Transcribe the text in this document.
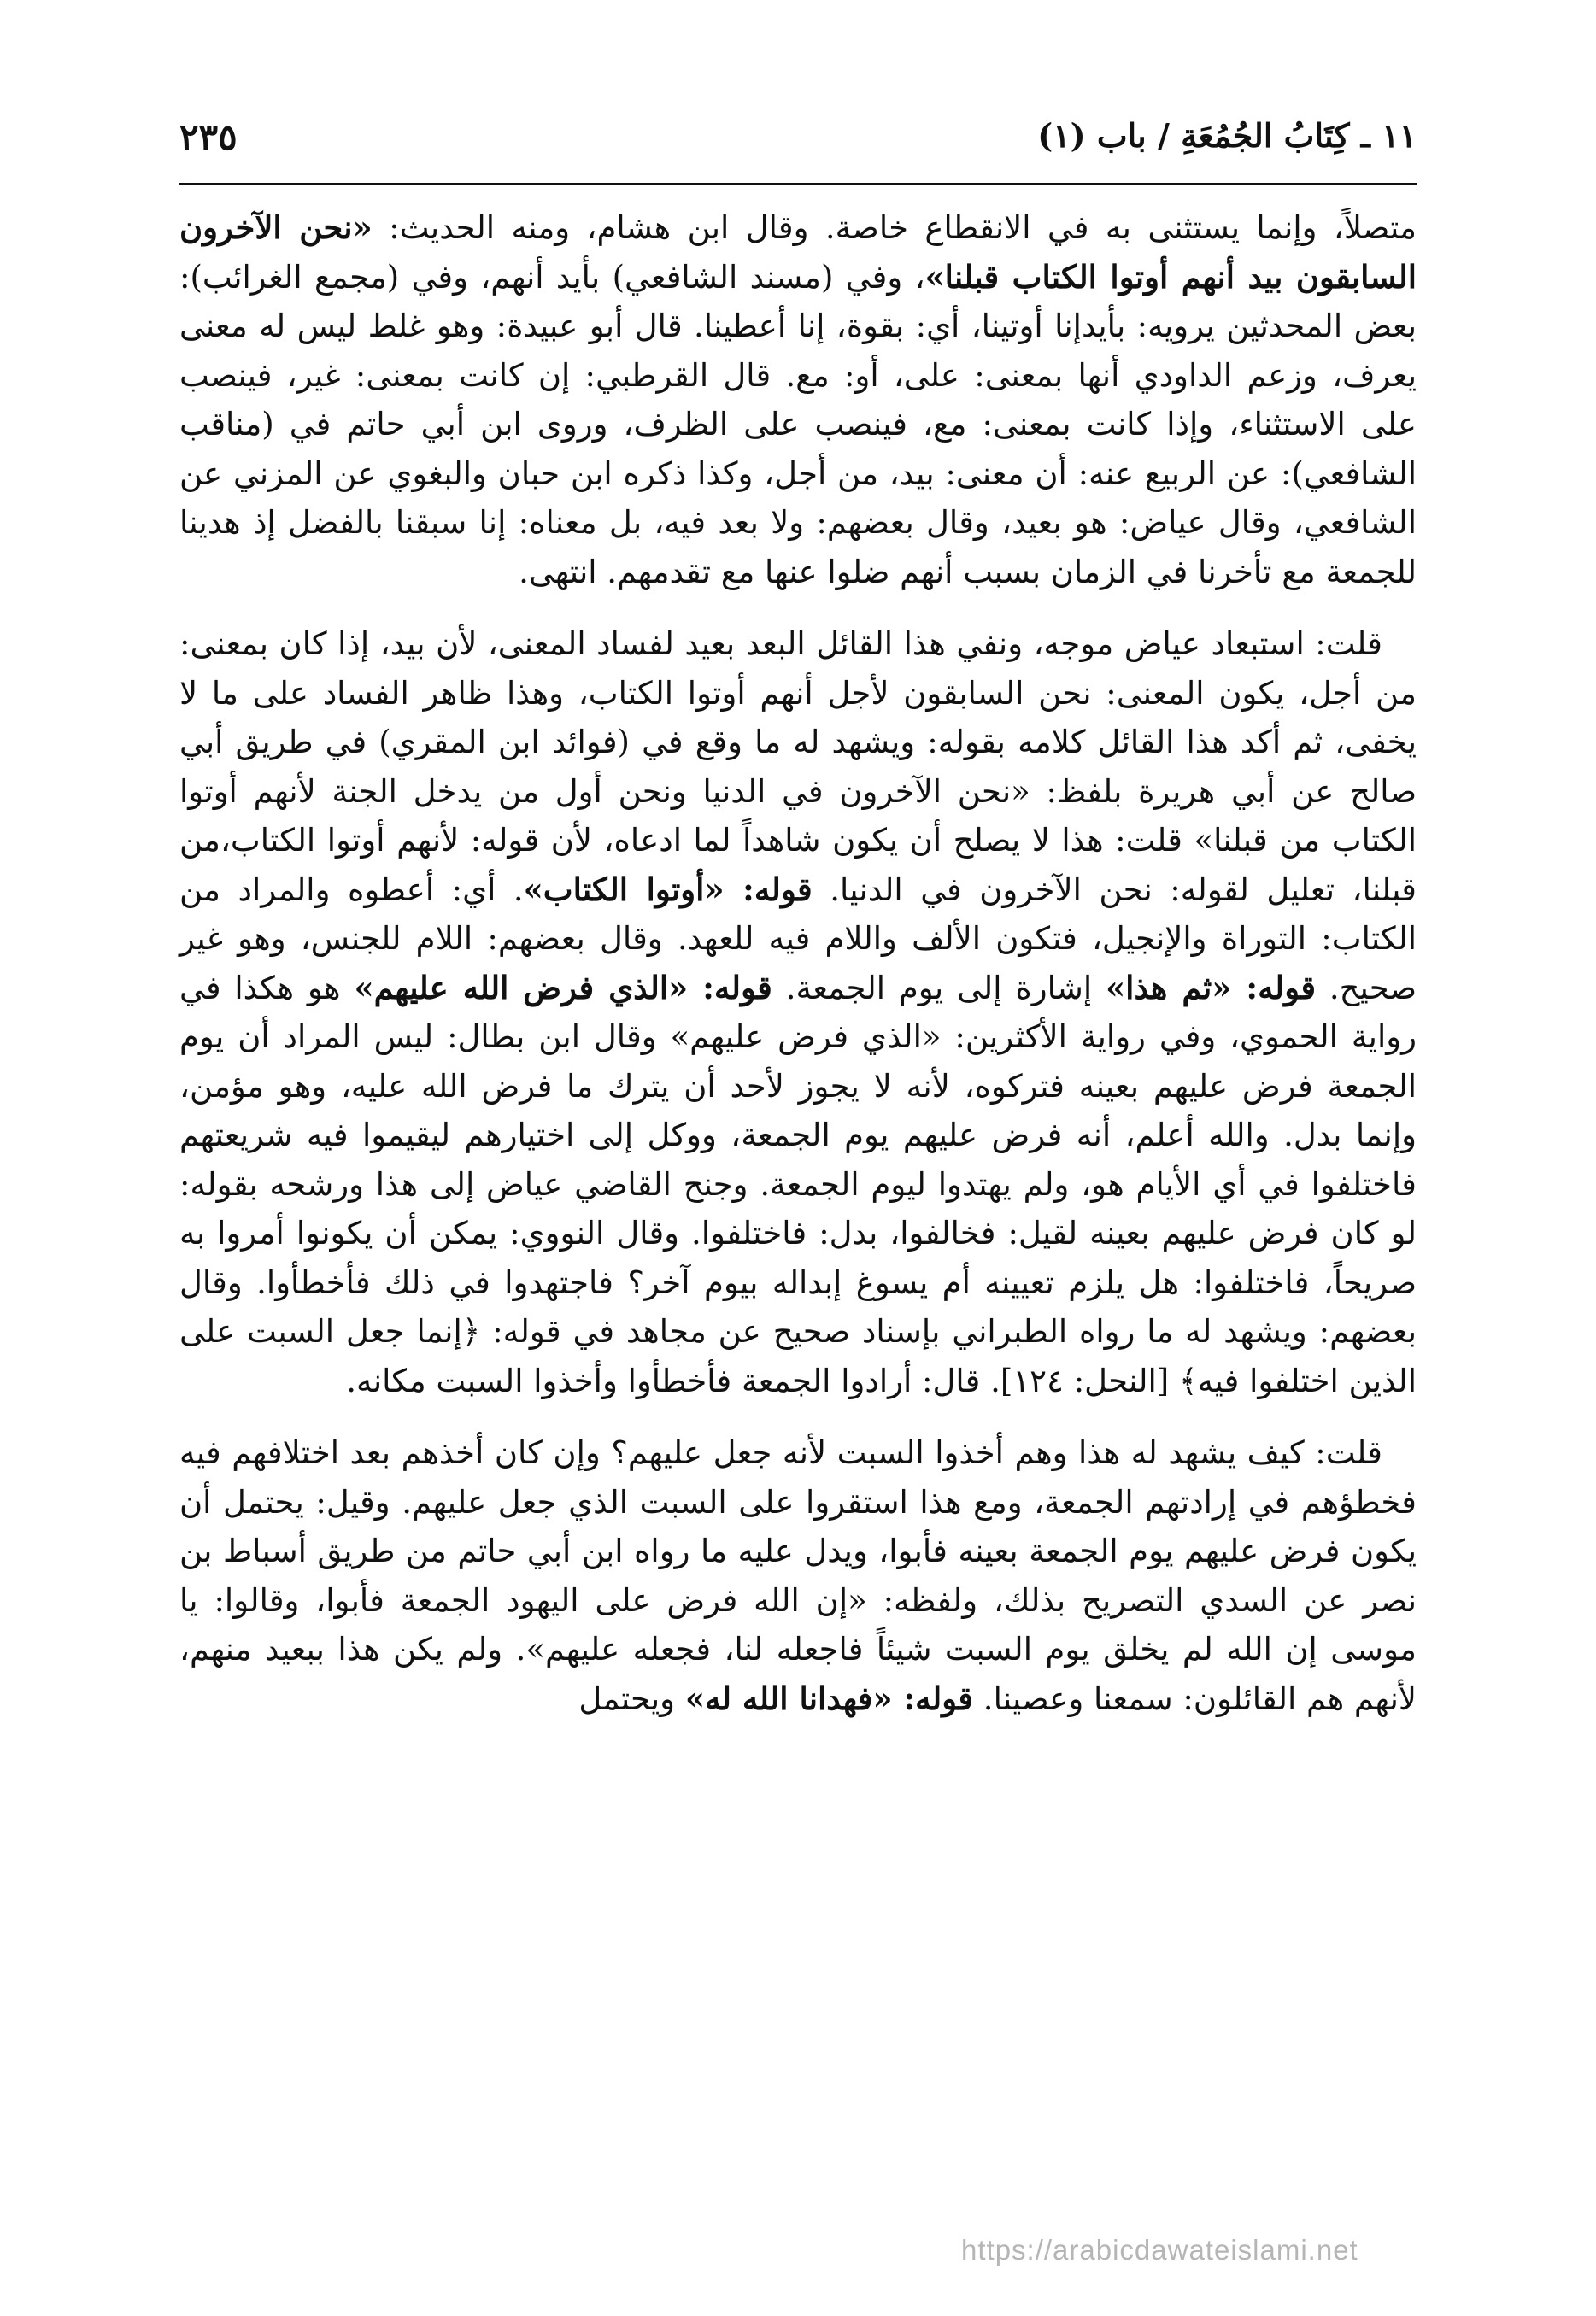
١١ ـ كِتَابُ الجُمُعَةِ / باب (١)
٢٣٥

متصلاً، وإنما يستثنى به في الانقطاع خاصة. وقال ابن هشام، ومنه الحديث: «نحن الآخرون السابقون بيد أنهم أوتوا الكتاب قبلنا»، وفي (مسند الشافعي) بأيد أنهم، وفي (مجمع الغرائب): بعض المحدثين يرويه: بأيدإنا أوتينا، أي: بقوة، إنا أعطينا. قال أبو عبيدة: وهو غلط ليس له معنى يعرف، وزعم الداودي أنها بمعنى: على، أو: مع. قال القرطبي: إن كانت بمعنى: غير، فينصب على الاستثناء، وإذا كانت بمعنى: مع، فينصب على الظرف، وروى ابن أبي حاتم في (مناقب الشافعي): عن الربيع عنه: أن معنى: بيد، من أجل، وكذا ذكره ابن حبان والبغوي عن المزني عن الشافعي، وقال عياض: هو بعيد، وقال بعضهم: ولا بعد فيه، بل معناه: إنا سبقنا بالفضل إذ هدينا للجمعة مع تأخرنا في الزمان بسبب أنهم ضلوا عنها مع تقدمهم. انتهى.

قلت: استبعاد عياض موجه، ونفي هذا القائل البعد بعيد لفساد المعنى، لأن بيد، إذا كان بمعنى: من أجل، يكون المعنى: نحن السابقون لأجل أنهم أوتوا الكتاب، وهذا ظاهر الفساد على ما لا يخفى، ثم أكد هذا القائل كلامه بقوله: ويشهد له ما وقع في (فوائد ابن المقري) في طريق أبي صالح عن أبي هريرة بلفظ: «نحن الآخرون في الدنيا ونحن أول من يدخل الجنة لأنهم أوتوا الكتاب من قبلنا» قلت: هذا لا يصلح أن يكون شاهداً لما ادعاه، لأن قوله: لأنهم أوتوا الكتاب،من قبلنا، تعليل لقوله: نحن الآخرون في الدنيا. قوله: «أوتوا الكتاب». أي: أعطوه والمراد من الكتاب: التوراة والإنجيل، فتكون الألف واللام فيه للعهد. وقال بعضهم: اللام للجنس، وهو غير صحيح. قوله: «ثم هذا» إشارة إلى يوم الجمعة. قوله: «الذي فرض الله عليهم» هو هكذا في رواية الحموي، وفي رواية الأكثرين: «الذي فرض عليهم» وقال ابن بطال: ليس المراد أن يوم الجمعة فرض عليهم بعينه فتركوه، لأنه لا يجوز لأحد أن يترك ما فرض الله عليه، وهو مؤمن، وإنما بدل. والله أعلم، أنه فرض عليهم يوم الجمعة، ووكل إلى اختيارهم ليقيموا فيه شريعتهم فاختلفوا في أي الأيام هو، ولم يهتدوا ليوم الجمعة. وجنح القاضي عياض إلى هذا ورشحه بقوله: لو كان فرض عليهم بعينه لقيل: فخالفوا، بدل: فاختلفوا. وقال النووي: يمكن أن يكونوا أمروا به صريحاً، فاختلفوا: هل يلزم تعيينه أم يسوغ إبداله بيوم آخر؟ فاجتهدوا في ذلك فأخطأوا. وقال بعضهم: ويشهد له ما رواه الطبراني بإسناد صحيح عن مجاهد في قوله: ﴿إنما جعل السبت على الذين اختلفوا فيه﴾ [النحل: ١٢٤]. قال: أرادوا الجمعة فأخطأوا وأخذوا السبت مكانه.

قلت: كيف يشهد له هذا وهم أخذوا السبت لأنه جعل عليهم؟ وإن كان أخذهم بعد اختلافهم فيه فخطؤهم في إرادتهم الجمعة، ومع هذا استقروا على السبت الذي جعل عليهم. وقيل: يحتمل أن يكون فرض عليهم يوم الجمعة بعينه فأبوا، ويدل عليه ما رواه ابن أبي حاتم من طريق أسباط بن نصر عن السدي التصريح بذلك، ولفظه: «إن الله فرض على اليهود الجمعة فأبوا، وقالوا: يا موسى إن الله لم يخلق يوم السبت شيئاً فاجعله لنا، فجعله عليهم». ولم يكن هذا ببعيد منهم، لأنهم هم القائلون: سمعنا وعصينا. قوله: «فهدانا الله له» ويحتمل

https://arabicdawateislami.net
